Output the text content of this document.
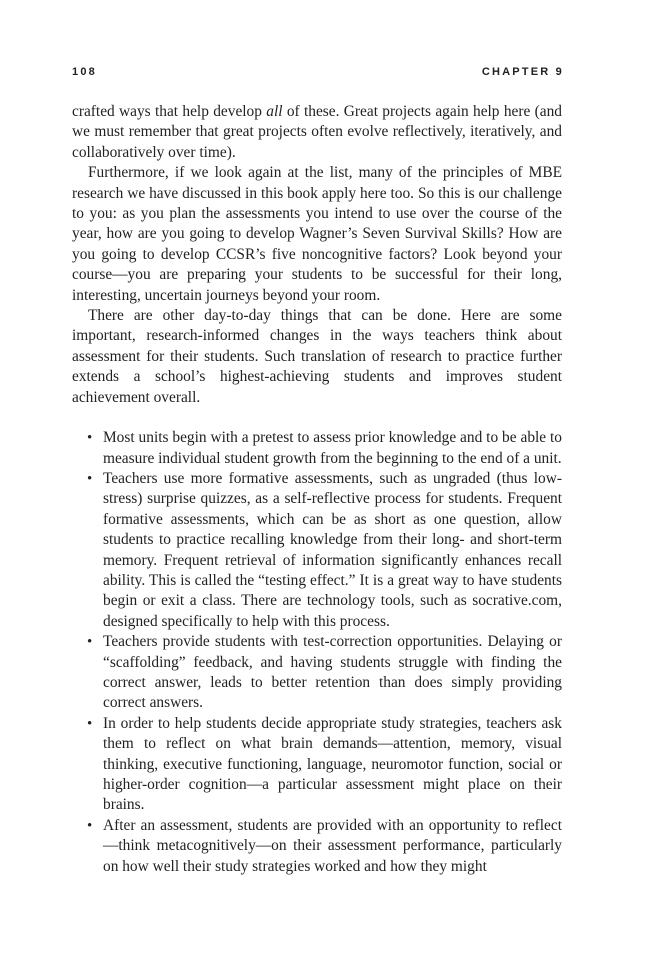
108	CHAPTER 9

crafted ways that help develop all of these. Great projects again help here (and we must remember that great projects often evolve reflectively, iteratively, and collaboratively over time).

Furthermore, if we look again at the list, many of the principles of MBE research we have discussed in this book apply here too. So this is our challenge to you: as you plan the assessments you intend to use over the course of the year, how are you going to develop Wagner’s Seven Survival Skills? How are you going to develop CCSR’s five noncognitive factors? Look beyond your course—you are preparing your students to be successful for their long, interesting, uncertain journeys beyond your room.

There are other day-to-day things that can be done. Here are some important, research-informed changes in the ways teachers think about assessment for their students. Such translation of research to practice further extends a school’s highest-achieving students and improves student achievement overall.

• Most units begin with a pretest to assess prior knowledge and to be able to measure individual student growth from the beginning to the end of a unit.
• Teachers use more formative assessments, such as ungraded (thus low-stress) surprise quizzes, as a self-reflective process for students. Frequent formative assessments, which can be as short as one question, allow students to practice recalling knowledge from their long- and short-term memory. Frequent retrieval of information significantly enhances recall ability. This is called the “testing effect.” It is a great way to have students begin or exit a class. There are technology tools, such as socrative.com, designed specifically to help with this process.
• Teachers provide students with test-correction opportunities. Delaying or “scaffolding” feedback, and having students struggle with finding the correct answer, leads to better retention than does simply providing correct answers.
• In order to help students decide appropriate study strategies, teachers ask them to reflect on what brain demands—attention, memory, visual thinking, executive functioning, language, neuromotor function, social or higher-order cognition—a particular assessment might place on their brains.
• After an assessment, students are provided with an opportunity to reflect—think metacognitively—on their assessment performance, particularly on how well their study strategies worked and how they might
